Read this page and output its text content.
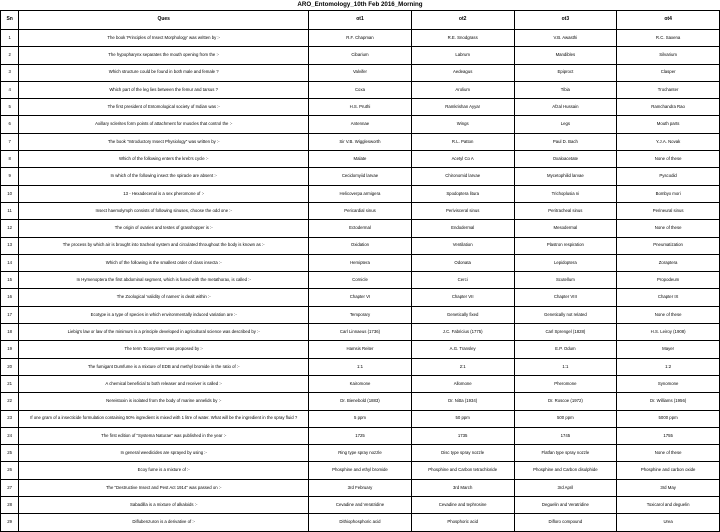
ARO_Entomology_10th Feb 2016_Morning
Sn	Ques	ot1	ot2	ot3	ot4
1	The book 'Principles of Insect Morphology' was written by :-	R.F. Chapman	R.E. Snodgrass	V.B. Awasthi	R.C. Saxena
2	The hypopharynx separates the mouth opening from the :-	Cibarium	Labrum	Mandibles	Silvarium
3	Which structure could be found in both male and female ?	Valvifer	Aedeagus	Epiproct	Clasper
4	Which part of the leg lies between the femur and tarsus ?	Coxa	Arolium	Tibia	Trochanter
5	The first president of Entomological society of Indian was :-	H.S. Pruthi	Ramkrishan Ayyar	Afzal Hussain	Ramchandra Rao
6	Axillary sclerites form points of attachment for muscles that control the :-	Antennae	Wings	Legs	Mouth parts
7	The book "Introductory Insect Physiology" was written by :-	Sir V.B. Wigglesworth	R.L. Patton	Paul D. Bach	Y.J.A. Novak
8	Which of the following enters the kreb's cycle :-	Malate	Acetyl Co A	Oxaloacetate	None of these
9	In which of the following insect the spiracle are absent :-	Cecidomyiid larvae	Chironomid larvae	Mycetophilid larvae	Pyscodid
10	13 - Hexadecenal is a sex pheromone of :-	Helicoverpa armigera	Spodoptera litura	Trichoplusia ni	Bombyx mori
11	Insect haemolymph consists of following sinuses, choose the odd one :-	Pericardial sinus	Perivisceral sinus	Peritracheal sinus	Perineural sinus
12	The origin of ovaries and testes of grasshopper is :-	Ectodermal	Endodermal	Mesodermal	None of these
13	The process by which air is brought into tracheal system and circulated throughout the body is known as :-	Oxidation	Ventilation	Plastron respiration	Pneumatization
14	Which of the following is the smallest order of class insecta :-	Hemiptera	Odonata	Lepidoptera	Zoraptera
15	In Hymenoptera the first abdominal segment, which is fused with the metathorax, is called :-	Cornicle	Cerci	Scutellum	Propodeum
16	The Zoological 'validity of names' is dealt within :-	Chapter VI	Chapter VII	Chapter VIII	Chapter IX
17	Ecotype is a type of species in which environmentally induced variation are :-	Temporary	Genetically fixed	Genetically not related	None of these
18	Liebig's law or law of the minimum is a principle developed in agricultural science was described by :-	Carl Linnaeus (1736)	J.C. Fabricius (1775)	Carl Sprengel (1828)	H.S. Leiroy (1908)
19	The term 'Ecosystem' was proposed by :-	Hamsis Reiter	A.G. Transley	E.P. Odum	Mayer
20	The fumigant Dumfume is a mixture of EDB and methyl bromide in the ratio of :-	1:1	2:1	1:1	1:2
21	A chemical beneficial to both releaser and receiver is called :-	Kairomone	Allomone	Pheromone	Synomone
22	Nereistoxin is isolated from the body of marine annelids by :-	Dr. Bienebold (1883)	Dr. Nitta (1934)	Dr. Roscoe (1972)	Dr. Williams (1956)
23	If one gram of a insecticide formulation containing 50% ingredient is mixed with 1 litre of water. What will be the ingredient in the spray fluid ?	5 ppm	50 ppm	500 ppm	5000 ppm
24	The first edition of "Systema Naturae" was published in the year :-	1725	1735	1745	1755
25	In general weedicides are sprayed by using :-	Ring type spray nozzle	Disc type spray nozzle	Flatfan type spray nozzle	None of these
26	Ecoy fume is a mixture of :-	Phosphine and ethyl bromide	Phosphine and Carbon tetrachloride	Phosphine and Carbon disulphide	Phosphine and carbon oxide
27	The "Destructive Insect and Pest Act 1914" was passed on :-	3rd February	3rd March	3rd April	3rd May
28	Sabadilla is a mixture of alkaloids :-	Cevadine and Veratridine	Cevadine and tephrosine	Deguelin and Veratridine	Toxicarol and deguelin
29	Diflubenzuron is a derivative of :-	Dithiophosphoric acid	Phosphoric acid	Difloro compound	Urea
